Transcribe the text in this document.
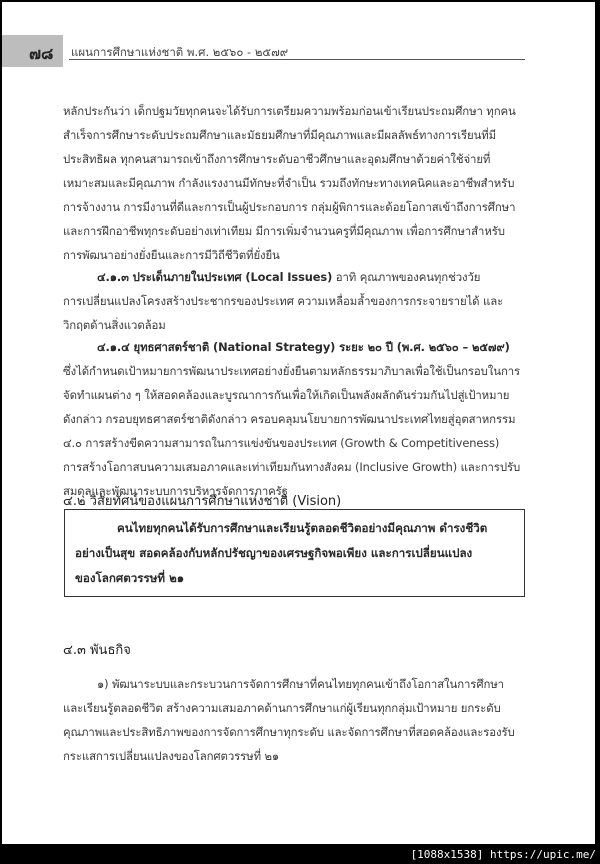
๗๘ แผนการศึกษาแห่งชาติ พ.ศ. ๒๕๖๐ - ๒๕๗๙
หลักประกันว่า เด็กปฐมวัยทุกคนจะได้รับการเตรียมความพร้อมก่อนเข้าเรียนประถมศึกษา ทุกคน
สำเร็จการศึกษาระดับประถมศึกษาและมัธยมศึกษาที่มีคุณภาพและมีผลลัพธ์ทางการเรียนที่มี
ประสิทธิผล ทุกคนสามารถเข้าถึงการศึกษาระดับอาชีวศึกษาและอุดมศึกษาด้วยค่าใช้จ่ายที่
เหมาะสมและมีคุณภาพ กำลังแรงงานมีทักษะที่จำเป็น รวมถึงทักษะทางเทคนิคและอาชีพสำหรับ
การจ้างงาน การมีงานที่ดีและการเป็นผู้ประกอบการ กลุ่มผู้พิการและด้อยโอกาสเข้าถึงการศึกษา
และการฝึกอาชีพทุกระดับอย่างเท่าเทียม มีการเพิ่มจำนวนครูที่มีคุณภาพ เพื่อการศึกษาสำหรับ
การพัฒนาอย่างยั่งยืนและการมีวิถีชีวิตที่ยั่งยืน
๔.๑.๓ ประเด็นภายในประเทศ (Local Issues) อาทิ คุณภาพของคนทุกช่วงวัย
การเปลี่ยนแปลงโครงสร้างประชากรของประเทศ ความเหลื่อมล้ำของการกระจายรายได้ และ
วิกฤตด้านสิ่งแวดล้อม
๔.๑.๔ ยุทธศาสตร์ชาติ (National Strategy) ระยะ ๒๐ ปี (พ.ศ. ๒๕๖๐ – ๒๕๗๙)
ซึ่งได้กำหนดเป้าหมายการพัฒนาประเทศอย่างยั่งยืนตามหลักธรรมาภิบาลเพื่อใช้เป็นกรอบในการ
จัดทำแผนต่าง ๆ ให้สอดคล้องและบูรณาการกันเพื่อให้เกิดเป็นพลังผลักดันร่วมกันไปสู่เป้าหมาย
ดังกล่าว กรอบยุทธศาสตร์ชาติดังกล่าว ครอบคลุมนโยบายการพัฒนาประเทศไทยสู่อุตสาหกรรม
๔.๐ การสร้างขีดความสามารถในการแข่งขันของประเทศ (Growth & Competitiveness)
การสร้างโอกาสบนความเสมอภาคและเท่าเทียมกันทางสังคม (Inclusive Growth) และการปรับ
สมดุลและพัฒนาระบบการบริหารจัดการภาครัฐ
๔.๒ วิสัยทัศน์ของแผนการศึกษาแห่งชาติ (Vision)
คนไทยทุกคนได้รับการศึกษาและเรียนรู้ตลอดชีวิตอย่างมีคุณภาพ ดำรงชีวิต
อย่างเป็นสุข สอดคล้องกับหลักปรัชญาของเศรษฐกิจพอเพียง และการเปลี่ยนแปลง
ของโลกศตวรรษที่ ๒๑
๔.๓ พันธกิจ
๑) พัฒนาระบบและกระบวนการจัดการศึกษาที่คนไทยทุกคนเข้าถึงโอกาสในการศึกษา
และเรียนรู้ตลอดชีวิต สร้างความเสมอภาคด้านการศึกษาแก่ผู้เรียนทุกกลุ่มเป้าหมาย ยกระดับ
คุณภาพและประสิทธิภาพของการจัดการศึกษาทุกระดับ และจัดการศึกษาที่สอดคล้องและรองรับ
กระแสการเปลี่ยนแปลงของโลกศตวรรษที่ ๒๑
[1088x1538] https://upic.me/
